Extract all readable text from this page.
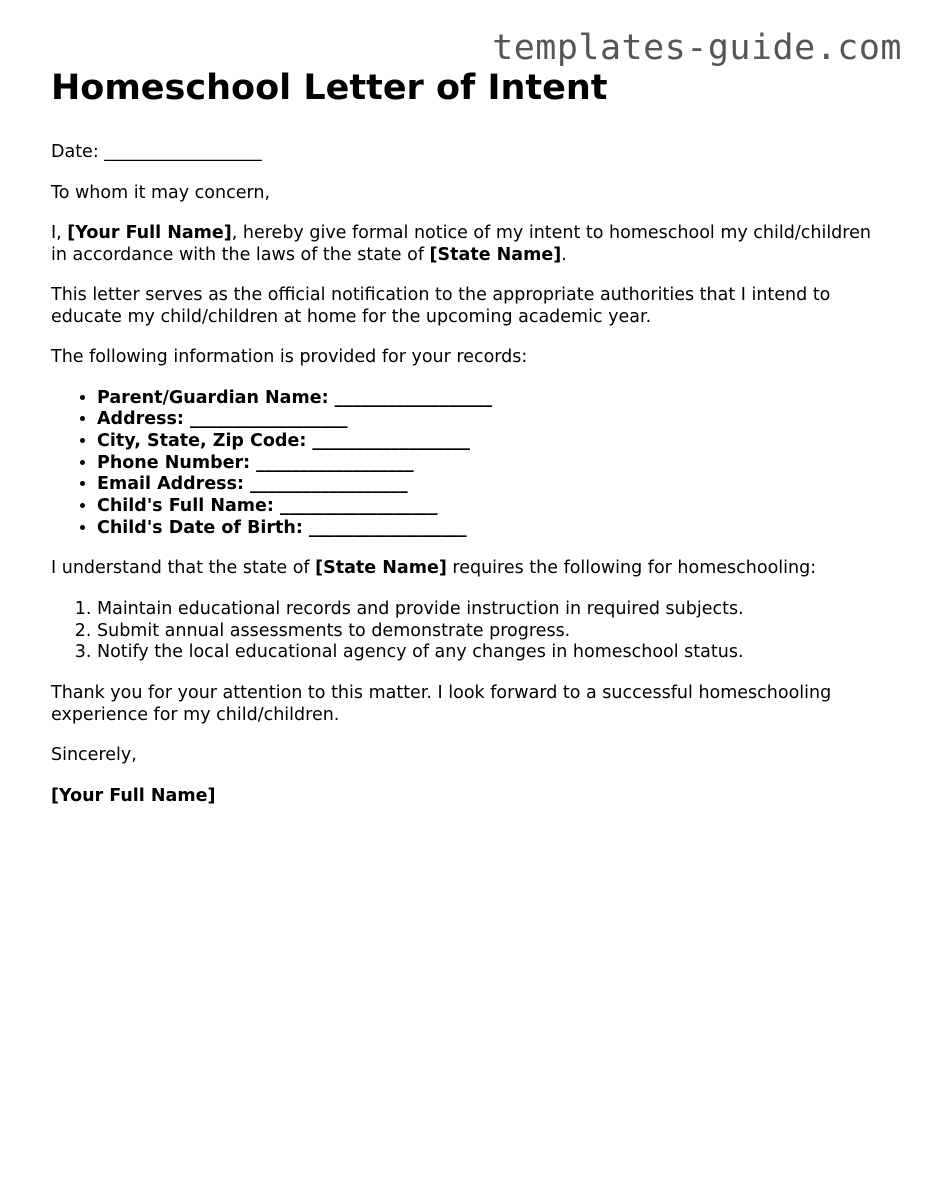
templates-guide.com
Homeschool Letter of Intent

Date: __________________

To whom it may concern,

I, [Your Full Name], hereby give formal notice of my intent to homeschool my child/children in accordance with the laws of the state of [State Name].

This letter serves as the official notification to the appropriate authorities that I intend to educate my child/children at home for the upcoming academic year.

The following information is provided for your records:

• Parent/Guardian Name: __________________
• Address: __________________
• City, State, Zip Code: __________________
• Phone Number: __________________
• Email Address: __________________
• Child's Full Name: __________________
• Child's Date of Birth: __________________

I understand that the state of [State Name] requires the following for homeschooling:

1. Maintain educational records and provide instruction in required subjects.
2. Submit annual assessments to demonstrate progress.
3. Notify the local educational agency of any changes in homeschool status.

Thank you for your attention to this matter. I look forward to a successful homeschooling experience for my child/children.

Sincerely,

[Your Full Name]
